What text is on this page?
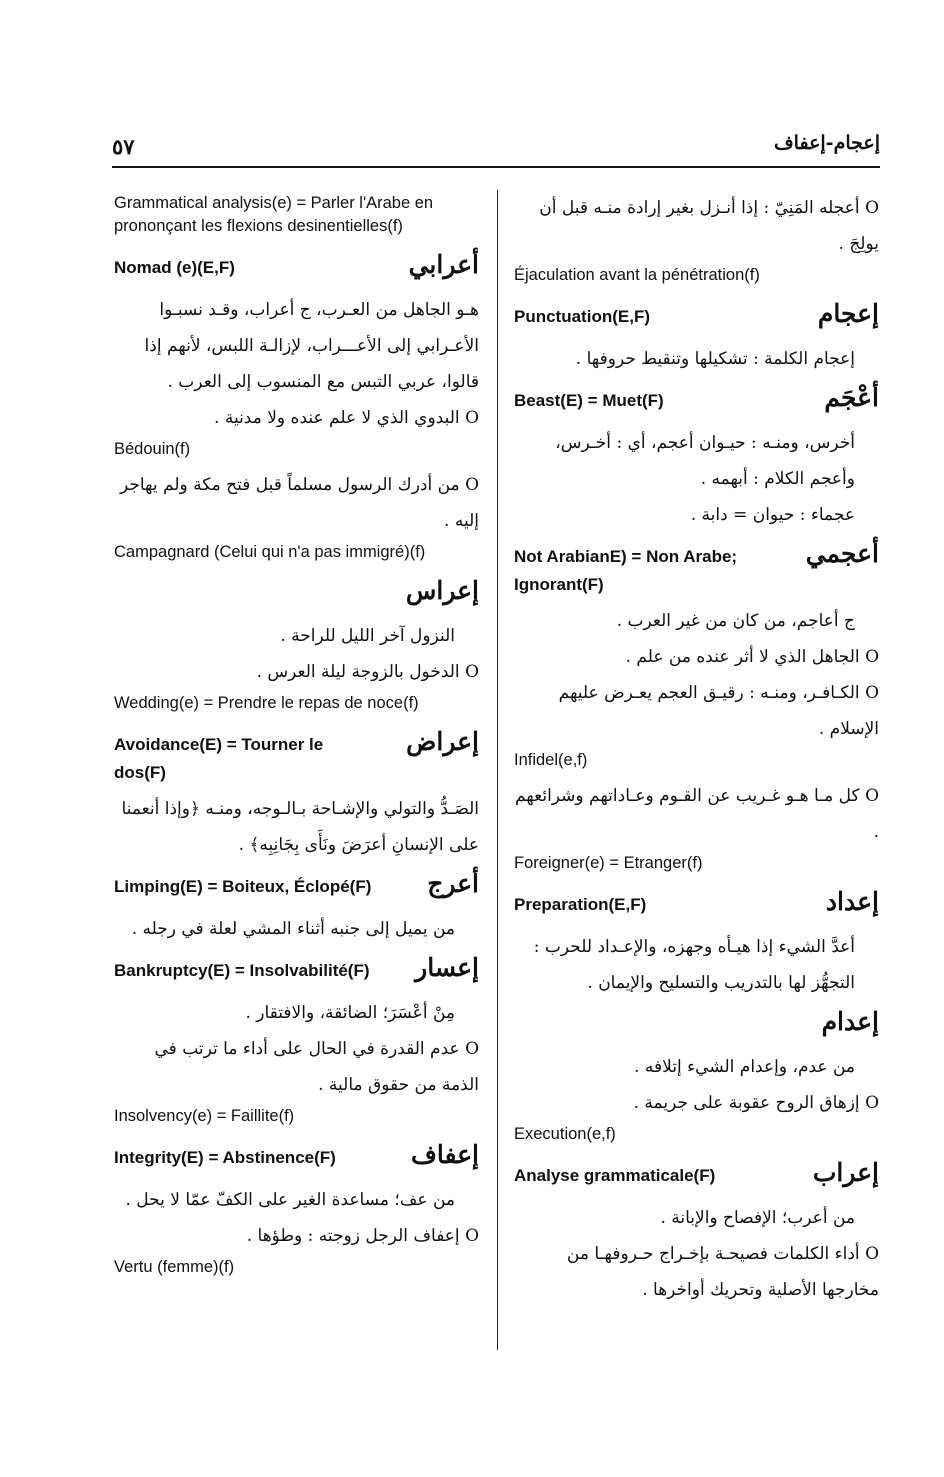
إعجام-إعفاف
٥٧

O أعجله المَنِيّ : إذا أنـزل بغير إرادة منـه قبل أن يولِجَ .

Éjaculation avant la pénétration(f)

إعجام
Punctuation(E,F)

إعجام الكلمة : تشكيلها وتنقيط حروفها .

أعْجَم
Beast(E) = Muet(F)

أخرس، ومنـه : حيـوان أعجم، أي : أخـرس، وأعجم الكلام : أبهمه .

عجماء : حيوان = دابة .

أعجمي
Not ArabianE) = Non Arabe; Ignorant(F)

ج أعاجم، من كان من غير العرب .

O الجاهل الذي لا أثر عنده من علم .

O الكـافـر، ومنـه : رقيـق العجم يعـرض عليهم الإسلام .

Infidel(e,f)

O كل مـا هـو غـريب عن القـوم وعـاداتهم وشرائعهم .

Foreigner(e) = Etranger(f)

إعداد
Preparation(E,F)

أعدَّ الشيء إذا هيـأه وجهزه، والإعـداد للحرب : التجهُّز لها بالتدريب والتسليح والإيمان .

إعدام

من عدم، وإعدام الشيء إتلافه .

O إزهاق الروح عقوبة على جريمة .

Execution(e,f)

إعراب
Analyse grammaticale(F)

من أعرب؛ الإفصاح والإبانة .

O أداء الكلمات فصيحـة بإخـراج حـروفهـا من مخارجها الأصلية وتحريك أواخرها .

Grammatical analysis(e) = Parler l'Arabe en prononçant les flexions desinentielles(f)

أعرابي
Nomad (e)(E,F)

هـو الجاهل من العـرب، ج أعراب، وقـد نسبـوا الأعـرابي إلى الأعـــراب، لإزالـة اللبس، لأنهم إذا قالوا، عربي التبس مع المنسوب إلى العرب .

O البدوي الذي لا علم عنده ولا مدنية .

Bédouin(f)

O من أدرك الرسول مسلماً قبل فتح مكة ولم يهاجر إليه .

Campagnard (Celui qui n'a pas immigré)(f)

إعراس

النزول آخر الليل للراحة .

O الدخول بالزوجة ليلة العرس .

Wedding(e) = Prendre le repas de noce(f)

إعراض
Avoidance(E) = Tourner le dos(F)

الصَـدُّ والتولي والإشـاحة بـالـوجه، ومنـه ﴿وإذا أنعمنا على الإنسانِ أعرَضَ ونَأَى بِجَانِبِه﴾ .

أعرج
Limping(E) = Boiteux, Éclopé(F)

من يميل إلى جنبه أثناء المشي لعلة في رجله .

إعسار
Bankruptcy(E) = Insolvabilité(F)

مِنْ أعْسَرَ؛ الضائقة، والافتقار .

O عدم القدرة في الحال على أداء ما ترتب في الذمة من حقوق مالية .

Insolvency(e) = Faillite(f)

إعفاف
Integrity(E) = Abstinence(F)

من عف؛ مساعدة الغير على الكفّ عمّا لا يحل .

O إعفاف الرجل زوجته : وطؤها .

Vertu (femme)(f)
